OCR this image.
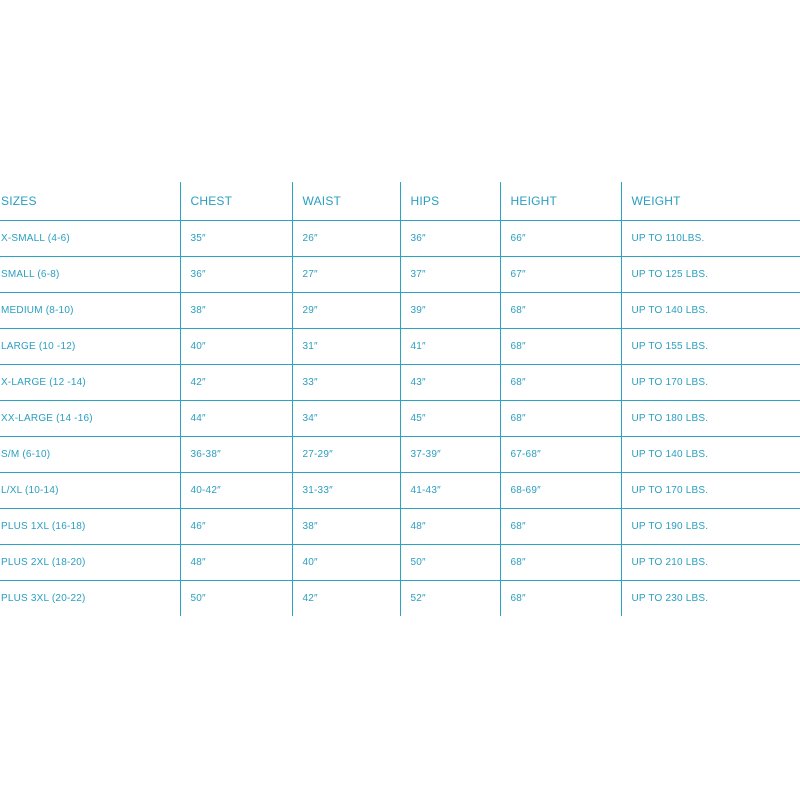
SIZES	CHEST	WAIST	HIPS	HEIGHT	WEIGHT
X-SMALL (4-6)	35″	26″	36″	66″	UP TO 110LBS.
SMALL (6-8)	36″	27″	37″	67″	UP TO 125 LBS.
MEDIUM (8-10)	38″	29″	39″	68″	UP TO 140 LBS.
LARGE (10 -12)	40″	31″	41″	68″	UP TO 155 LBS.
X-LARGE (12 -14)	42″	33″	43″	68″	UP TO 170 LBS.
XX-LARGE (14 -16)	44″	34″	45″	68″	UP TO 180 LBS.
S/M (6-10)	36-38″	27-29″	37-39″	67-68″	UP TO 140 LBS.
L/XL (10-14)	40-42″	31-33″	41-43″	68-69″	UP TO 170 LBS.
PLUS 1XL (16-18)	46″	38″	48″	68″	UP TO 190 LBS.
PLUS 2XL (18-20)	48″	40″	50″	68″	UP TO 210 LBS.
PLUS 3XL (20-22)	50″	42″	52″	68″	UP TO 230 LBS.
